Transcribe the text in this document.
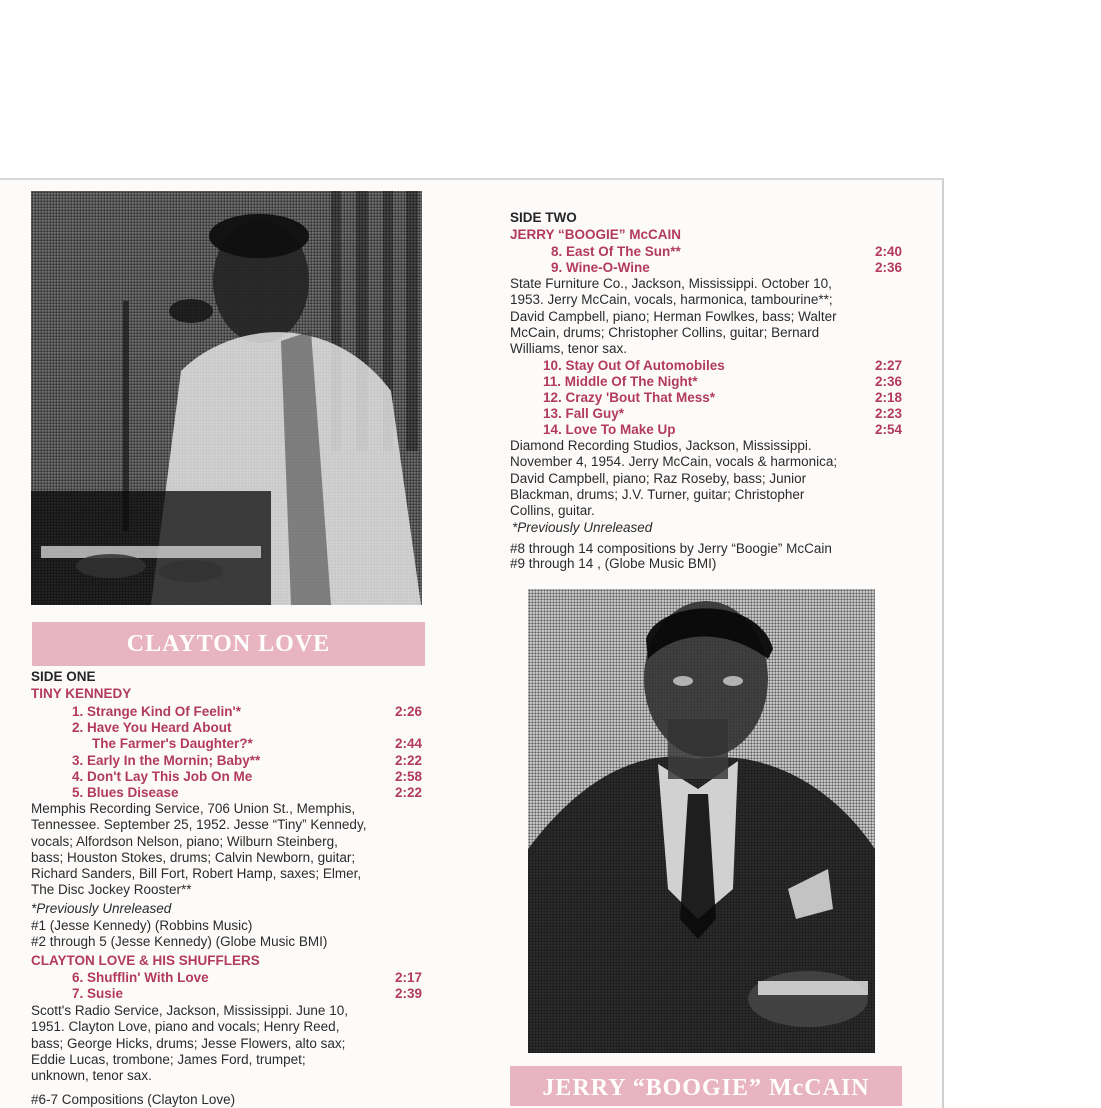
CLAYTON LOVE
SIDE ONE
TINY KENNEDY
1. Strange Kind Of Feelin'*	2:26
2. Have You Heard About
The Farmer's Daughter?*	2:44
3. Early In the Mornin; Baby**	2:22
4. Don't Lay This Job On Me	2:58
5. Blues Disease	2:22

Memphis Recording Service, 706 Union St., Memphis,

Tennessee. September 25, 1952. Jesse “Tiny” Kennedy,

vocals; Alfordson Nelson, piano; Wilburn Steinberg,

bass; Houston Stokes, drums; Calvin Newborn, guitar;

Richard Sanders, Bill Fort, Robert Hamp, saxes; Elmer,

The Disc Jockey Rooster**

*Previously Unreleased
#1 (Jesse Kennedy) (Robbins Music)
#2 through 5 (Jesse Kennedy) (Globe Music BMI)
CLAYTON LOVE & HIS SHUFFLERS
6. Shufflin' With Love	2:17
7. Susie	2:39

Scott's Radio Service, Jackson, Mississippi. June 10,

1951. Clayton Love, piano and vocals; Henry Reed,

bass; George Hicks, drums; Jesse Flowers, alto sax;

Eddie Lucas, trombone; James Ford, trumpet;

unknown, tenor sax.

#6-7 Compositions (Clayton Love)
SIDE TWO
JERRY “BOOGIE” McCAIN
8. East Of The Sun**	2:40
9. Wine-O-Wine	2:36

State Furniture Co., Jackson, Mississippi. October 10,

1953. Jerry McCain, vocals, harmonica, tambourine**;

David Campbell, piano; Herman Fowlkes, bass; Walter

McCain, drums; Christopher Collins, guitar; Bernard

Williams, tenor sax.

10. Stay Out Of Automobiles	2:27
11. Middle Of The Night*	2:36
12. Crazy 'Bout That Mess*	2:18
13. Fall Guy*	2:23
14. Love To Make Up	2:54

Diamond Recording Studios, Jackson, Mississippi.

November 4, 1954. Jerry McCain, vocals & harmonica;

David Campbell, piano; Raz Roseby, bass; Junior

Blackman, drums; J.V. Turner, guitar; Christopher

Collins, guitar.

*Previously Unreleased
#8 through 14 compositions by Jerry “Boogie” McCain
#9 through 14 , (Globe Music BMI)
JERRY “BOOGIE” McCAIN
